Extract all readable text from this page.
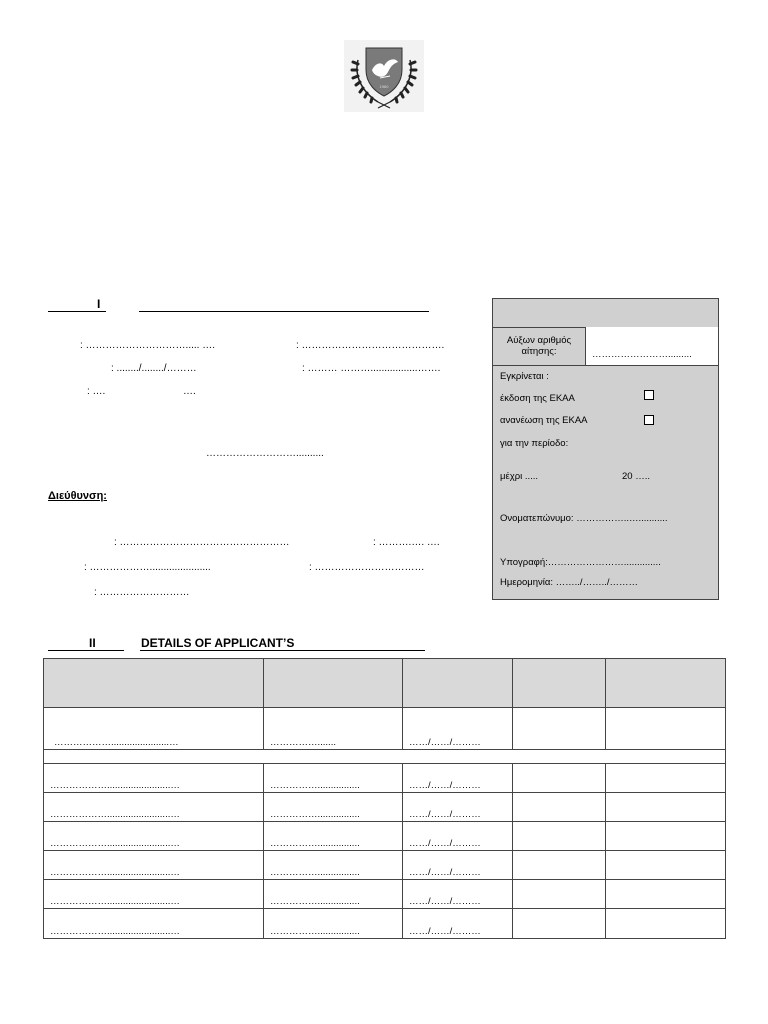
1960
I
: …………………………..... ….	: …………………………………….
: ......../......../………	: ……… ……….................…….
: ….	….
………………………..........
Διεύθυνση:
: ……………………………………………	: ……….…. ….
: ………………......................	: ……………………………
: ………………………
Αύξων αριθμός αίτησης:	…………………….........
Εγκρίνεται :
έκδοση της ΕΚΑΑ
ανανέωση της ΕΚΑΑ
για την περίοδο:
μέχρι .....	20 …..
Ονοματεπώνυμο: ……………..…...........
Υπογραφή:……………………..............
Ημερομηνία: ……../……../………
II	DETAILS OF APPLICANT’S

………………......................…	…………….......	……/……/………		

………………........................…	……………................	……/……/………		
………………........................…	……………................	……/……/………		
………………........................…	……………................	……/……/………		
………………........................…	……………................	……/……/………		
………………........................…	……………................	……/……/………		
………………........................…	……………................	……/……/………		
